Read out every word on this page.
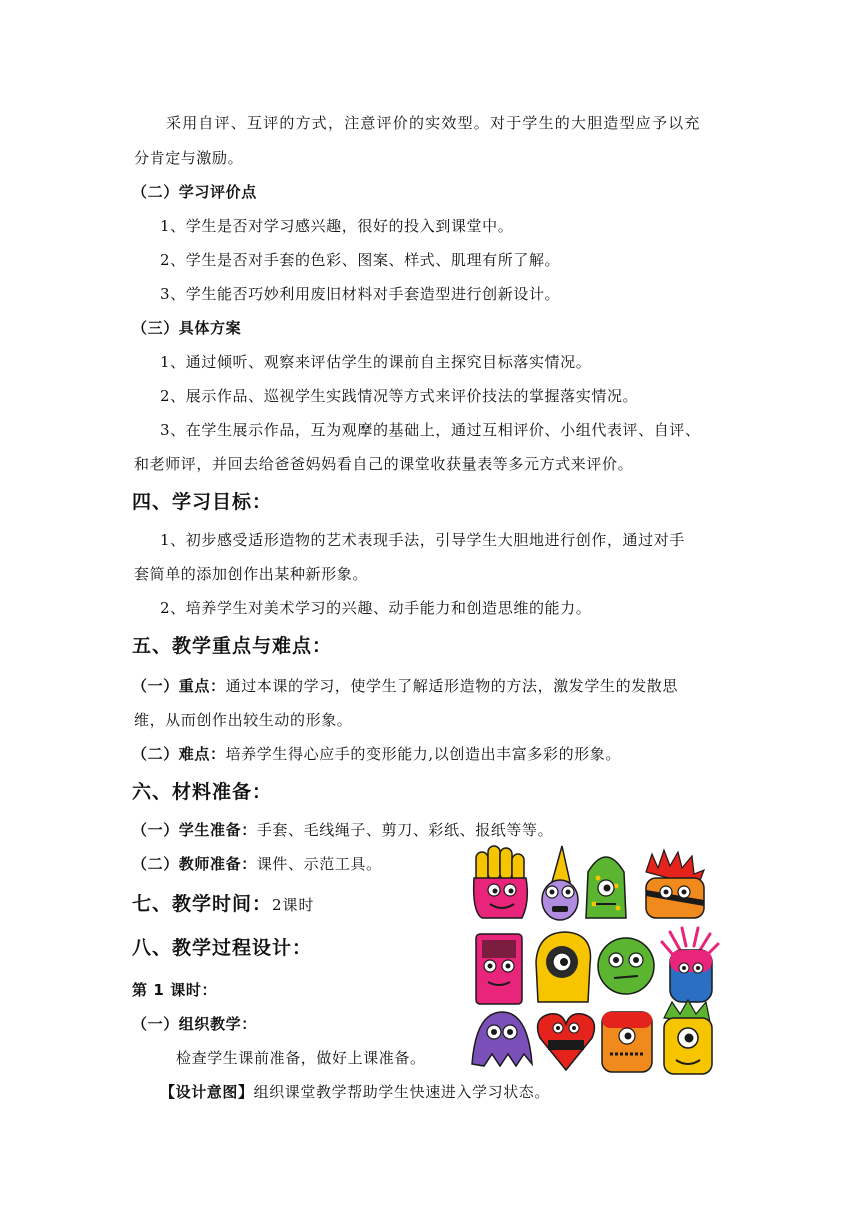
采用自评、互评的方式，注意评价的实效型。对于学生的大胆造型应予以充
分肯定与激励。
（二）学习评价点
1、学生是否对学习感兴趣，很好的投入到课堂中。
2、学生是否对手套的色彩、图案、样式、肌理有所了解。
3、学生能否巧妙利用废旧材料对手套造型进行创新设计。
（三）具体方案
1、通过倾听、观察来评估学生的课前自主探究目标落实情况。
2、展示作品、巡视学生实践情况等方式来评价技法的掌握落实情况。
3、在学生展示作品，互为观摩的基础上，通过互相评价、小组代表评、自评、
和老师评，并回去给爸爸妈妈看自己的课堂收获量表等多元方式来评价。
四、学习目标：
1、初步感受适形造物的艺术表现手法，引导学生大胆地进行创作，通过对手
套简单的添加创作出某种新形象。
2、培养学生对美术学习的兴趣、动手能力和创造思维的能力。
五、教学重点与难点：
（一）重点：通过本课的学习，使学生了解适形造物的方法，激发学生的发散思
维，从而创作出较生动的形象。
（二）难点：培养学生得心应手的变形能力,以创造出丰富多彩的形象。
六、材料准备：
（一）学生准备：手套、毛线绳子、剪刀、彩纸、报纸等等。
（二）教师准备：课件、示范工具。
七、教学时间：2课时
八、教学过程设计：
第 1 课时：
（一）组织教学：
检查学生课前准备，做好上课准备。
【设计意图】组织课堂教学帮助学生快速进入学习状态。
